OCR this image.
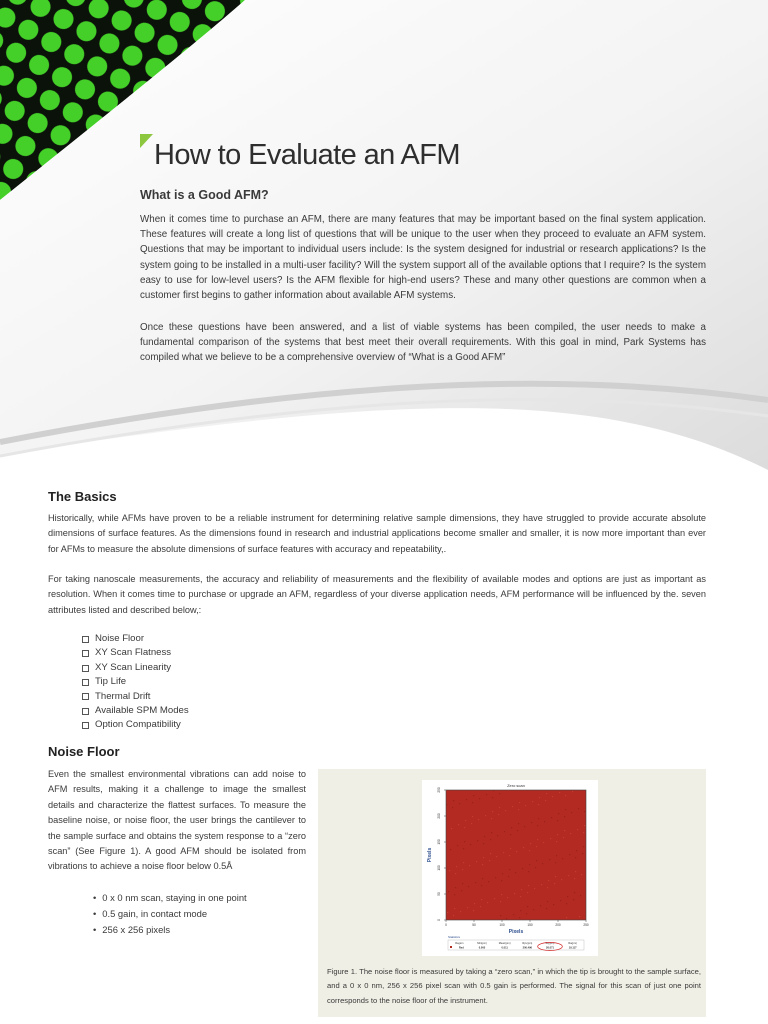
How to Evaluate an AFM
What is a Good AFM?

When it comes time to purchase an AFM, there are many features that may be important based on the final system application. These features will create a long list of questions that will be unique to the user when they proceed to evaluate an AFM system. Questions that may be important to individual users include: Is the system designed for industrial or research applications? Is the system going to be installed in a multi-user facility? Will the system support all of the available options that I require? Is the system easy to use for low-level users? Is the AFM flexible for high-end users? These and many other questions are common when a customer first begins to gather information about available AFM systems.

Once these questions have been answered, and a list of viable systems has been compiled, the user needs to make a fundamental comparison of the systems that best meet their overall requirements. With this goal in mind, Park Systems has compiled what we believe to be a comprehensive overview of “What is a Good AFM”

The Basics

Historically, while AFMs have proven to be a reliable instrument for determining relative sample dimensions, they have struggled to provide accurate absolute dimensions of surface features. As the dimensions found in research and industrial applications become smaller and smaller, it is now more important than ever for AFMs to measure the absolute dimensions of surface features with accuracy and repeatability,.

For taking nanoscale measurements, the accuracy and reliability of measurements and the flexibility of available modes and options are just as important as resolution. When it comes time to purchase or upgrade an AFM, regardless of your diverse application needs, AFM performance will be influenced by the. seven attributes listed and described below,:

Noise Floor
XY Scan Flatness
XY Scan Linearity
Tip Life
Thermal Drift
Available SPM Modes
Option Compatibility
Noise Floor

Even the smallest environmental vibrations can add noise to AFM results, making it a challenge to image the smallest details and characterize the flattest surfaces. To measure the baseline noise, or noise floor, the user brings the cantilever to the sample surface and obtains the system response to a “zero scan” (See Figure 1). A good AFM should be isolated from vibrations to achieve a noise floor below 0.5Å

• 0 x 0 nm scan, staying in one point
• 0.5 gain, in contact mode
• 256 x 256 pixels
Zero scan
0	50	100	150	200	250
0
50
100
150
200
250
Pixels
Pixels
Statistics
Region	Min(pm)	Mean(pm)	Rpv(pm)	Rq(pm)	Ra(pm)
Red	0.000	0.011	200.496	26.071	19.117

Figure 1. The noise floor is measured by taking a “zero scan,” in which the tip is brought to the sample surface, and a 0 x 0 nm, 256 x 256 pixel scan with 0.5 gain is performed. The signal for this scan of just one point corresponds to the noise floor of the instrument.
